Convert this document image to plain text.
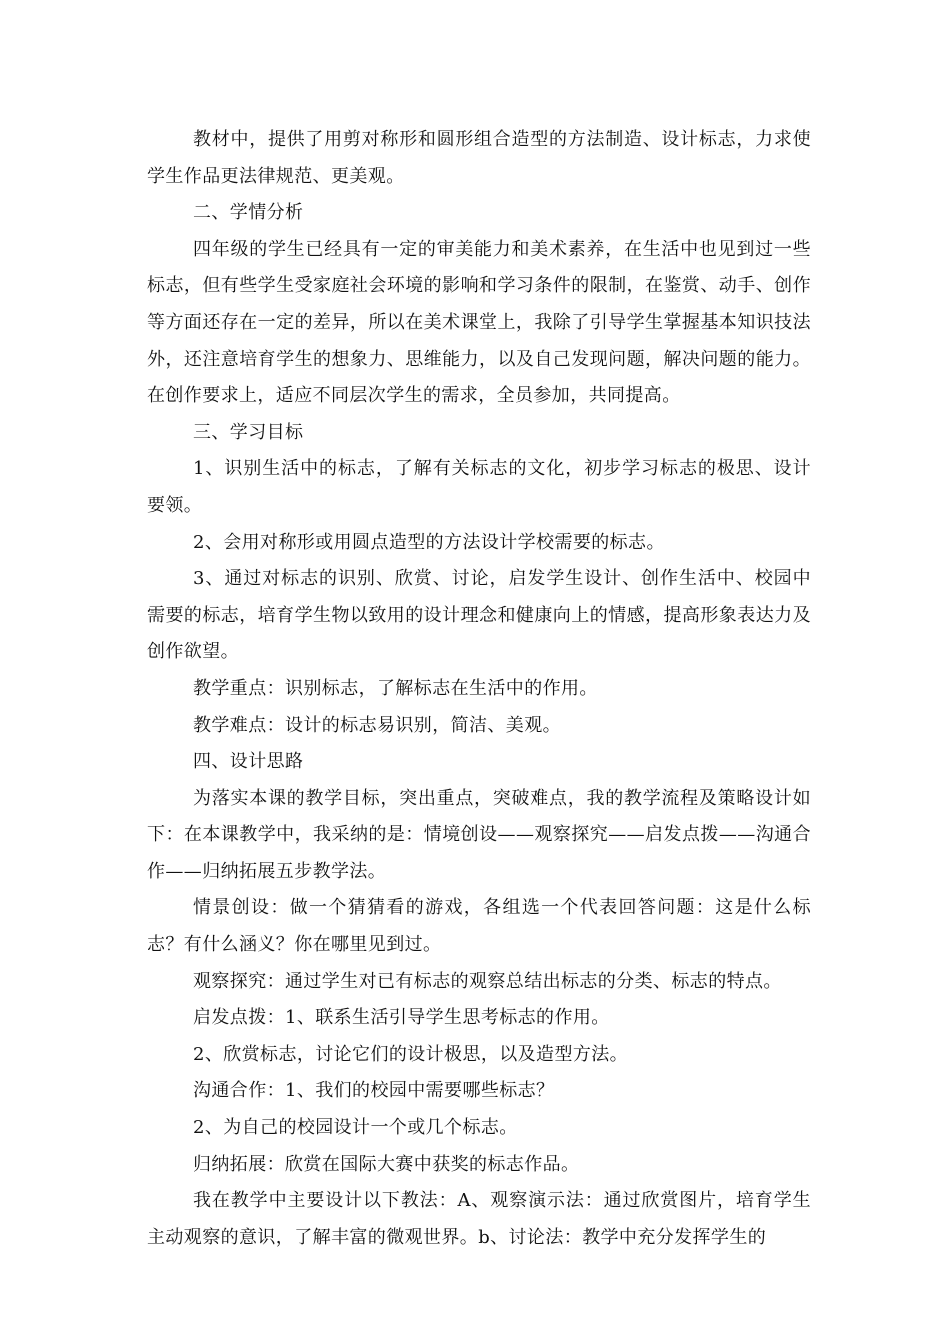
教材中，提供了用剪对称形和圆形组合造型的方法制造、设计标志，力求使学生作品更法律规范、更美观。

二、学情分析

四年级的学生已经具有一定的审美能力和美术素养，在生活中也见到过一些标志，但有些学生受家庭社会环境的影响和学习条件的限制，在鉴赏、动手、创作等方面还存在一定的差异，所以在美术课堂上，我除了引导学生掌握基本知识技法外，还注意培育学生的想象力、思维能力，以及自己发现问题，解决问题的能力。在创作要求上，适应不同层次学生的需求，全员参加，共同提高。

三、学习目标

1、识别生活中的标志，了解有关标志的文化，初步学习标志的极思、设计要领。

2、会用对称形或用圆点造型的方法设计学校需要的标志。

3、通过对标志的识别、欣赏、讨论，启发学生设计、创作生活中、校园中需要的标志，培育学生物以致用的设计理念和健康向上的情感，提高形象表达力及创作欲望。

教学重点：识别标志，了解标志在生活中的作用。

教学难点：设计的标志易识别，简洁、美观。

四、设计思路

为落实本课的教学目标，突出重点，突破难点，我的教学流程及策略设计如下：在本课教学中，我采纳的是：情境创设——观察探究——启发点拨——沟通合作——归纳拓展五步教学法。

情景创设：做一个猜猜看的游戏，各组选一个代表回答问题：这是什么标志？有什么涵义？你在哪里见到过。

观察探究：通过学生对已有标志的观察总结出标志的分类、标志的特点。

启发点拨：1、联系生活引导学生思考标志的作用。

2、欣赏标志，讨论它们的设计极思，以及造型方法。

沟通合作：1、我们的校园中需要哪些标志？

2、为自己的校园设计一个或几个标志。

归纳拓展：欣赏在国际大赛中获奖的标志作品。

我在教学中主要设计以下教法：A、观察演示法：通过欣赏图片，培育学生主动观察的意识，了解丰富的微观世界。b、讨论法：教学中充分发挥学生的
